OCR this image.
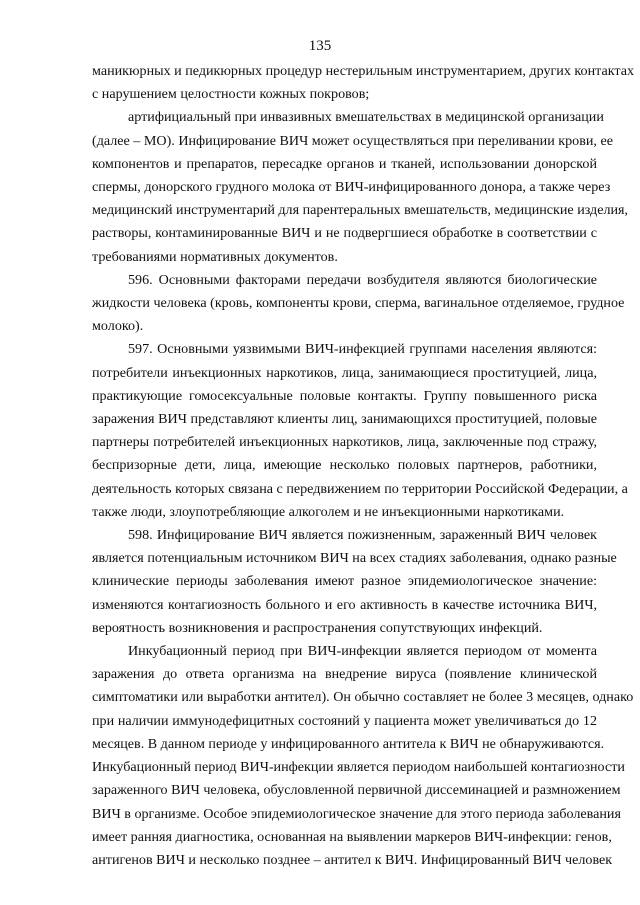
135
маникюрных и педикюрных процедур нестерильным инструментарием, других контактах
с нарушением целостности кожных покровов;
артифициальный при инвазивных вмешательствах в медицинской организации
(далее – МО). Инфицирование ВИЧ может осуществляться при переливании крови, ее
компонентов и препаратов, пересадке органов и тканей, использовании донорской
спермы, донорского грудного молока от ВИЧ-инфицированного донора, а также через
медицинский инструментарий для парентеральных вмешательств, медицинские изделия,
растворы, контаминированные ВИЧ и не подвергшиеся обработке в соответствии с
требованиями нормативных документов.
596. Основными факторами передачи возбудителя являются биологические
жидкости человека (кровь, компоненты крови, сперма, вагинальное отделяемое, грудное
молоко).
597. Основными уязвимыми ВИЧ-инфекцией группами населения являются:
потребители инъекционных наркотиков, лица, занимающиеся проституцией, лица,
практикующие гомосексуальные половые контакты. Группу повышенного риска
заражения ВИЧ представляют клиенты лиц, занимающихся проституцией, половые
партнеры потребителей инъекционных наркотиков, лица, заключенные под стражу,
беспризорные дети, лица, имеющие несколько половых партнеров, работники,
деятельность которых связана с передвижением по территории Российской Федерации, а
также люди, злоупотребляющие алкоголем и не инъекционными наркотиками.
598. Инфицирование ВИЧ является пожизненным, зараженный ВИЧ человек
является потенциальным источником ВИЧ на всех стадиях заболевания, однако разные
клинические периоды заболевания имеют разное эпидемиологическое значение:
изменяются контагиозность больного и его активность в качестве источника ВИЧ,
вероятность возникновения и распространения сопутствующих инфекций.
Инкубационный период при ВИЧ-инфекции является периодом от момента
заражения до ответа организма на внедрение вируса (появление клинической
симптоматики или выработки антител). Он обычно составляет не более 3 месяцев, однако
при наличии иммунодефицитных состояний у пациента может увеличиваться до 12
месяцев. В данном периоде у инфицированного антитела к ВИЧ не обнаруживаются.
Инкубационный период ВИЧ-инфекции является периодом наибольшей контагиозности
зараженного ВИЧ человека, обусловленной первичной диссеминацией и размножением
ВИЧ в организме. Особое эпидемиологическое значение для этого периода заболевания
имеет ранняя диагностика, основанная на выявлении маркеров ВИЧ-инфекции: генов,
антигенов ВИЧ и несколько позднее – антител к ВИЧ. Инфицированный ВИЧ человек
